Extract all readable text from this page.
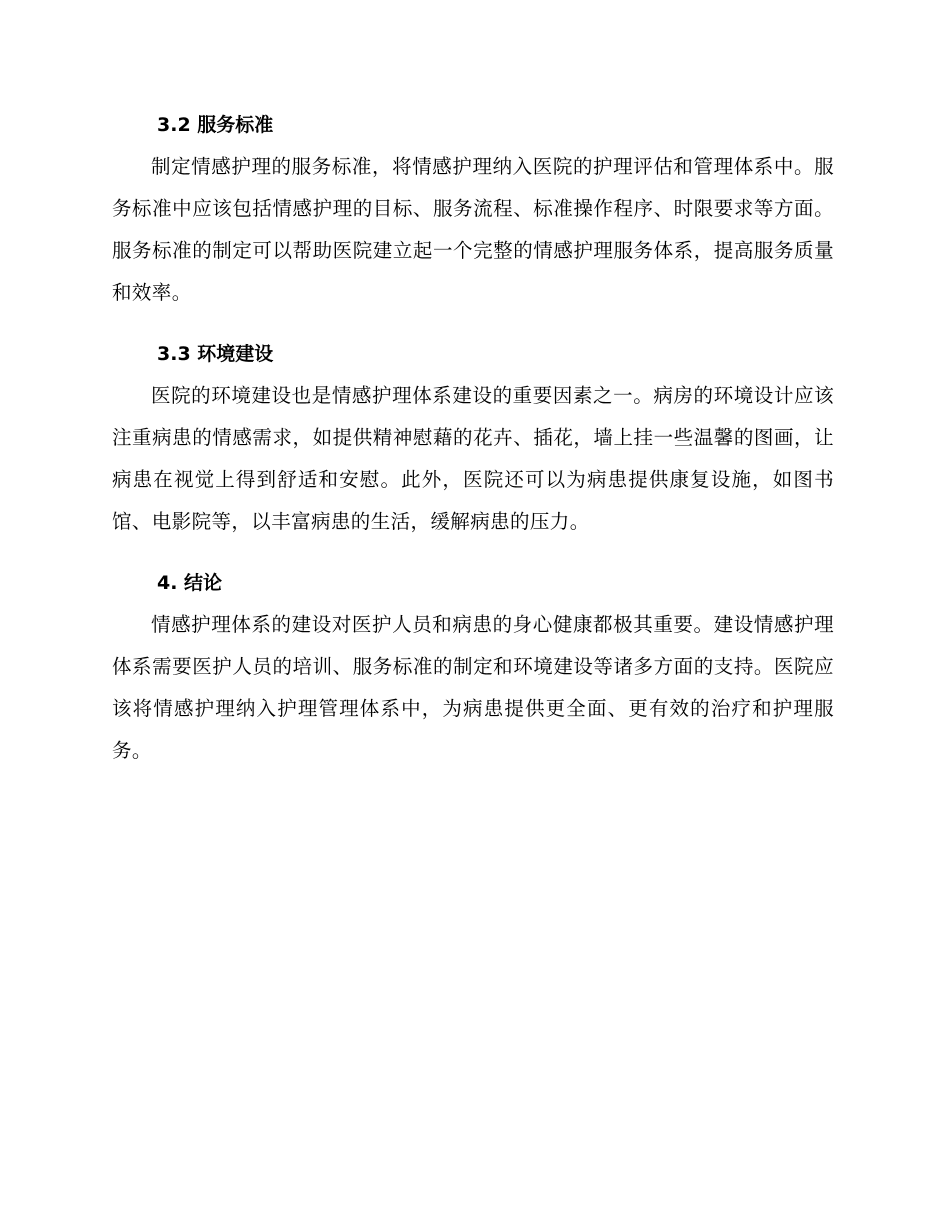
3.2 服务标准

制定情感护理的服务标准，将情感护理纳入医院的护理评估和管理体系中。服务标准中应该包括情感护理的目标、服务流程、标准操作程序、时限要求等方面。服务标准的制定可以帮助医院建立起一个完整的情感护理服务体系，提高服务质量和效率。

3.3 环境建设

医院的环境建设也是情感护理体系建设的重要因素之一。病房的环境设计应该注重病患的情感需求，如提供精神慰藉的花卉、插花，墙上挂一些温馨的图画，让病患在视觉上得到舒适和安慰。此外，医院还可以为病患提供康复设施，如图书馆、电影院等，以丰富病患的生活，缓解病患的压力。

4. 结论

情感护理体系的建设对医护人员和病患的身心健康都极其重要。建设情感护理体系需要医护人员的培训、服务标准的制定和环境建设等诸多方面的支持。医院应该将情感护理纳入护理管理体系中，为病患提供更全面、更有效的治疗和护理服务。
